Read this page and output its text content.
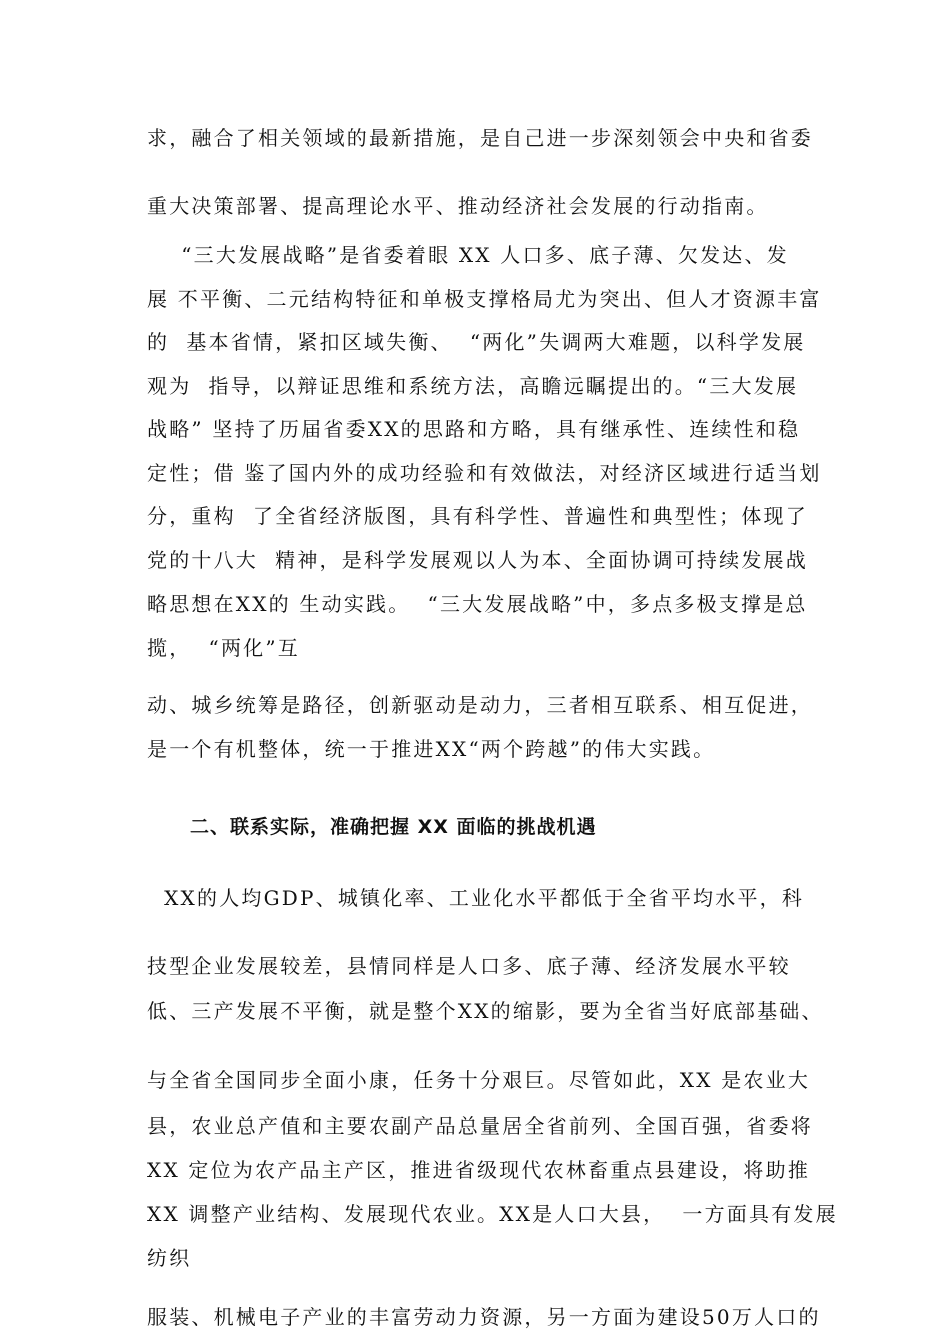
求，融合了相关领域的最新措施，是自己进一步深刻领会中央和省委
重大决策部署、提高理论水平、推动经济社会发展的行动指南。
“三大发展战略”是省委着眼 XX 人口多、底子薄、欠发达、发
展 不平衡、二元结构特征和单极支撑格局尤为突出、但人才资源丰富
的  基本省情，紧扣区域失衡、  “两化”失调两大难题，以科学发展
观为  指导，以辩证思维和系统方法，高瞻远瞩提出的。“三大发展
战略” 坚持了历届省委XX的思路和方略，具有继承性、连续性和稳
定性；借 鉴了国内外的成功经验和有效做法，对经济区域进行适当划
分，重构  了全省经济版图，具有科学性、普遍性和典型性；体现了
党的十八大  精神，是科学发展观以人为本、全面协调可持续发展战
略思想在XX的 生动实践。  “三大发展战略”中，多点多极支撑是总
揽，  “两化”互
动、城乡统筹是路径，创新驱动是动力，三者相互联系、相互促进，
是一个有机整体，统一于推进XX“两个跨越”的伟大实践。
二、联系实际，准确把握 XX 面临的挑战机遇
XX的人均GDP、城镇化率、工业化水平都低于全省平均水平，科
技型企业发展较差，县情同样是人口多、底子薄、经济发展水平较
低、三产发展不平衡，就是整个XX的缩影，要为全省当好底部基础、
与全省全国同步全面小康，任务十分艰巨。尽管如此，XX 是农业大
县，农业总产值和主要农副产品总量居全省前列、全国百强，省委将
XX 定位为农产品主产区，推进省级现代农林畜重点县建设，将助推
XX 调整产业结构、发展现代农业。XX是人口大县，  一方面具有发展
纺织
服装、机械电子产业的丰富劳动力资源，另一方面为建设50万人口的
